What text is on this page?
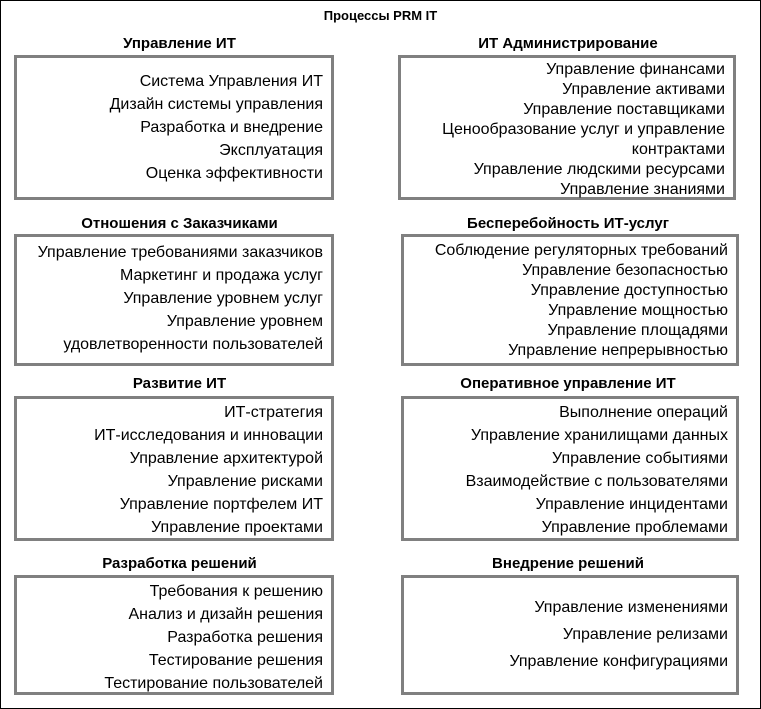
Процессы PRM IT
Управление ИТ
Система Управления ИТ
Дизайн системы управления
Разработка и внедрение
Эксплуатация
Оценка эффективности
ИТ Администрирование
Управление финансами
Управление активами
Управление поставщиками
Ценообразование услуг и управление
контрактами
Управление людскими ресурсами
Управление знаниями
Отношения с Заказчиками
Управление требованиями заказчиков
Маркетинг и продажа услуг
Управление уровнем услуг
Управление уровнем
удовлетворенности пользователей
Бесперебойность ИТ-услуг
Соблюдение регуляторных требований
Управление безопасностью
Управление доступностью
Управление мощностью
Управление площадями
Управление непрерывностью
Развитие ИТ
ИТ-стратегия
ИТ-исследования и инновации
Управление архитектурой
Управление рисками
Управление портфелем ИТ
Управление проектами
Оперативное управление ИТ
Выполнение операций
Управление хранилищами данных
Управление событиями
Взаимодействие с пользователями
Управление инцидентами
Управление проблемами
Разработка решений
Требования к решению
Анализ и дизайн решения
Разработка решения
Тестирование решения
Тестирование пользователей
Внедрение решений
Управление изменениями
Управление релизами
Управление конфигурациями
